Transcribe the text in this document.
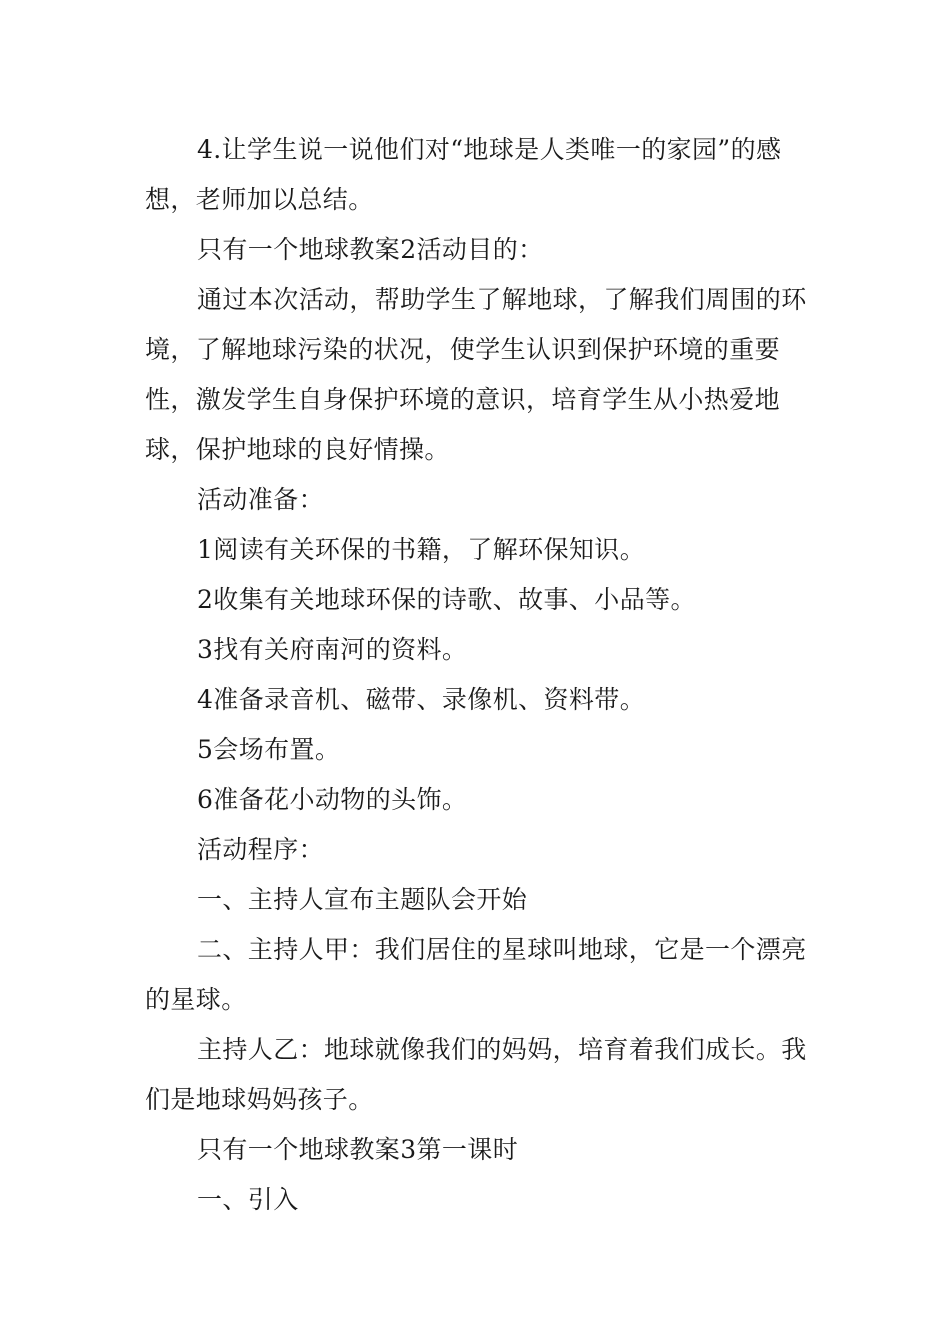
4.让学生说一说他们对“地球是人类唯一的家园”的感想，老师加以总结。

只有一个地球教案2活动目的：

通过本次活动，帮助学生了解地球，了解我们周围的环境，了解地球污染的状况，使学生认识到保护环境的重要性，激发学生自身保护环境的意识，培育学生从小热爱地球，保护地球的良好情操。

活动准备：

1阅读有关环保的书籍，了解环保知识。

2收集有关地球环保的诗歌、故事、小品等。

3找有关府南河的资料。

4准备录音机、磁带、录像机、资料带。

5会场布置。

6准备花小动物的头饰。

活动程序：

一、主持人宣布主题队会开始

二、主持人甲：我们居住的星球叫地球，它是一个漂亮的星球。

主持人乙：地球就像我们的妈妈，培育着我们成长。我们是地球妈妈孩子。

只有一个地球教案3第一课时

一、引入
